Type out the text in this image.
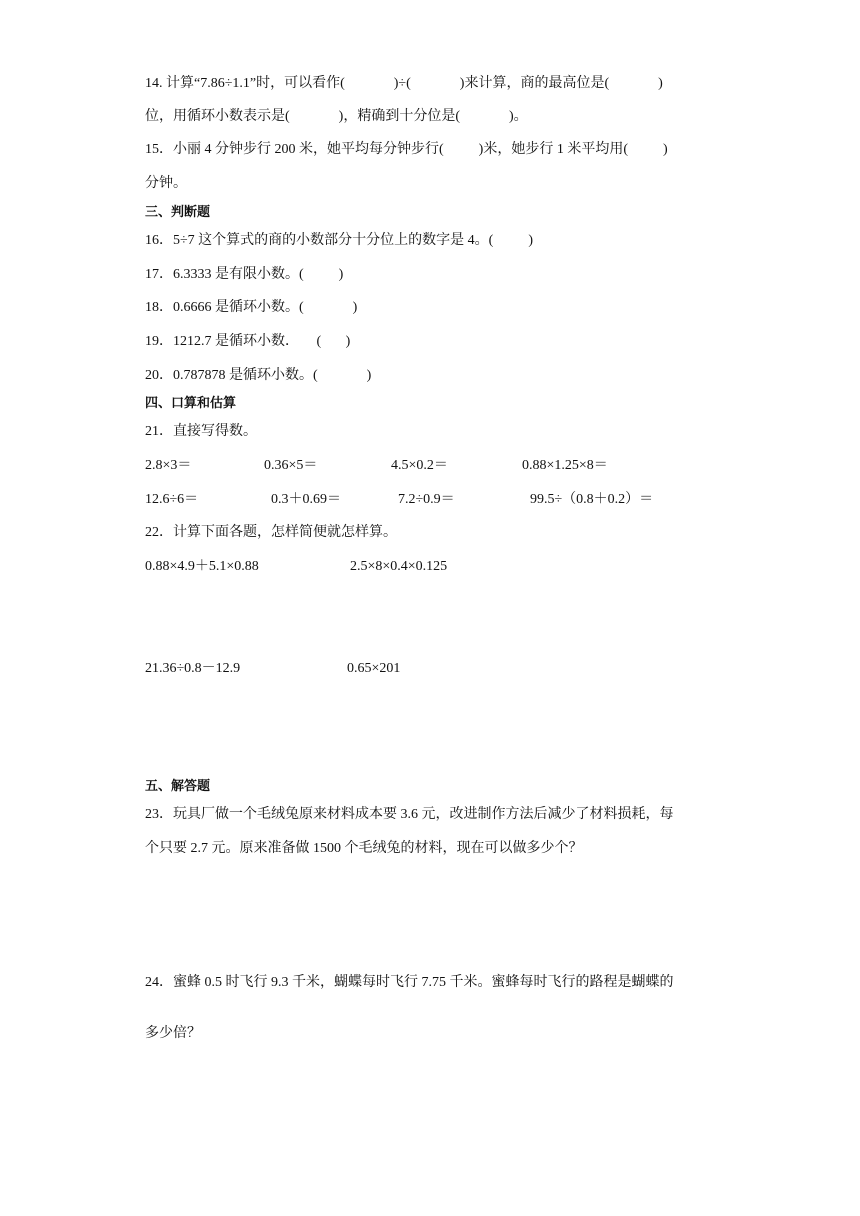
14. 计算“7.86÷1.1”时，可以看作(              )÷(              )来计算，商的最高位是(              )
位，用循环小数表示是(              )，精确到十分位是(              )。
15．小丽 4 分钟步行 200 米，她平均每分钟步行(          )米，她步行 1 米平均用(          )
分钟。
三、判断题
16．5÷7 这个算式的商的小数部分十分位上的数字是 4。(          )
17．6.3333 是有限小数。(          )
18．0.6666 是循环小数。(              )
19．1212.7 是循环小数．     (       )
20．0.787878 是循环小数。(              )
四、口算和估算
21．直接写得数。
2.8×3＝	0.36×5＝	4.5×0.2＝	0.88×1.25×8＝
12.6÷6＝	0.3＋0.69＝	7.2÷0.9＝	99.5÷（0.8＋0.2）＝
22．计算下面各题，怎样简便就怎样算。
0.88×4.9＋5.1×0.88	2.5×8×0.4×0.125
21.36÷0.8－12.9	0.65×201
五、解答题
23．玩具厂做一个毛绒兔原来材料成本要 3.6 元，改进制作方法后减少了材料损耗，每
个只要 2.7 元。原来准备做 1500 个毛绒兔的材料，现在可以做多少个？
24．蜜蜂 0.5 时飞行 9.3 千米，蝴蝶每时飞行 7.75 千米。蜜蜂每时飞行的路程是蝴蝶的
多少倍？
